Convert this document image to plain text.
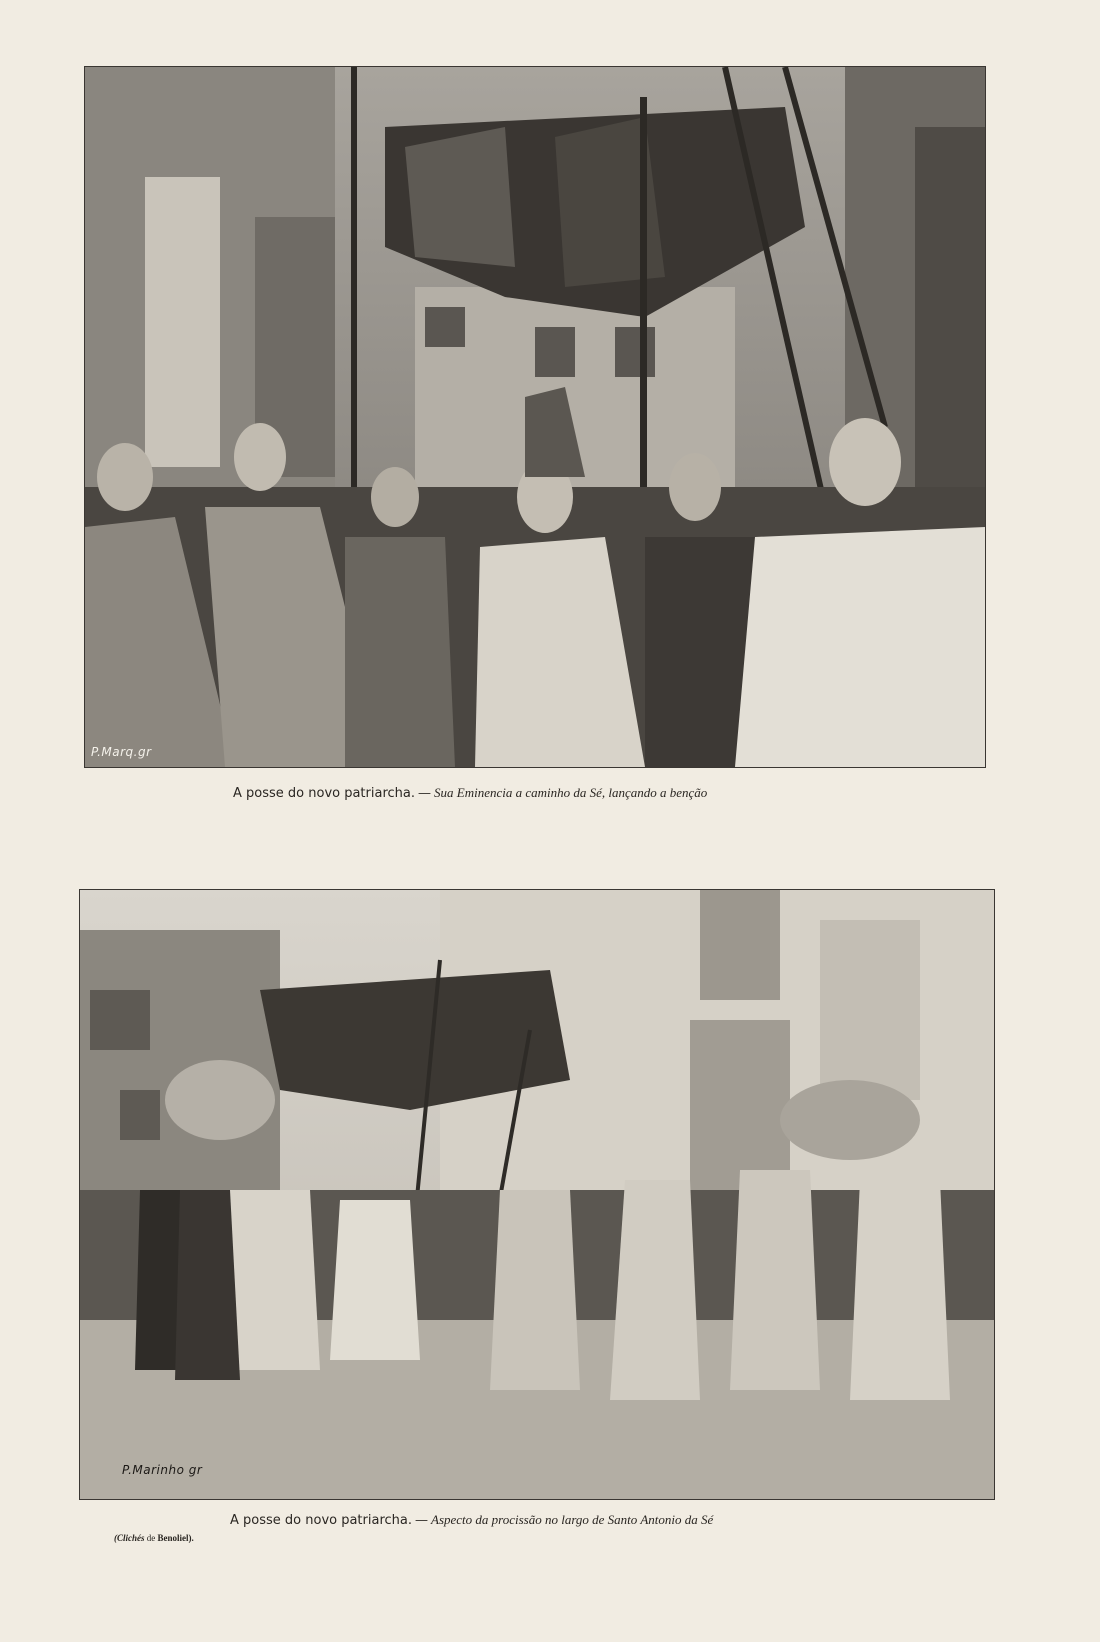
P.Marq.gr
A posse do novo patriarcha. — Sua Eminencia a caminho da Sé, lançando a benção
P.Marinho gr
A posse do novo patriarcha. — Aspecto da procissão no largo de Santo Antonio da Sé
(Clichés de Benoliel).
